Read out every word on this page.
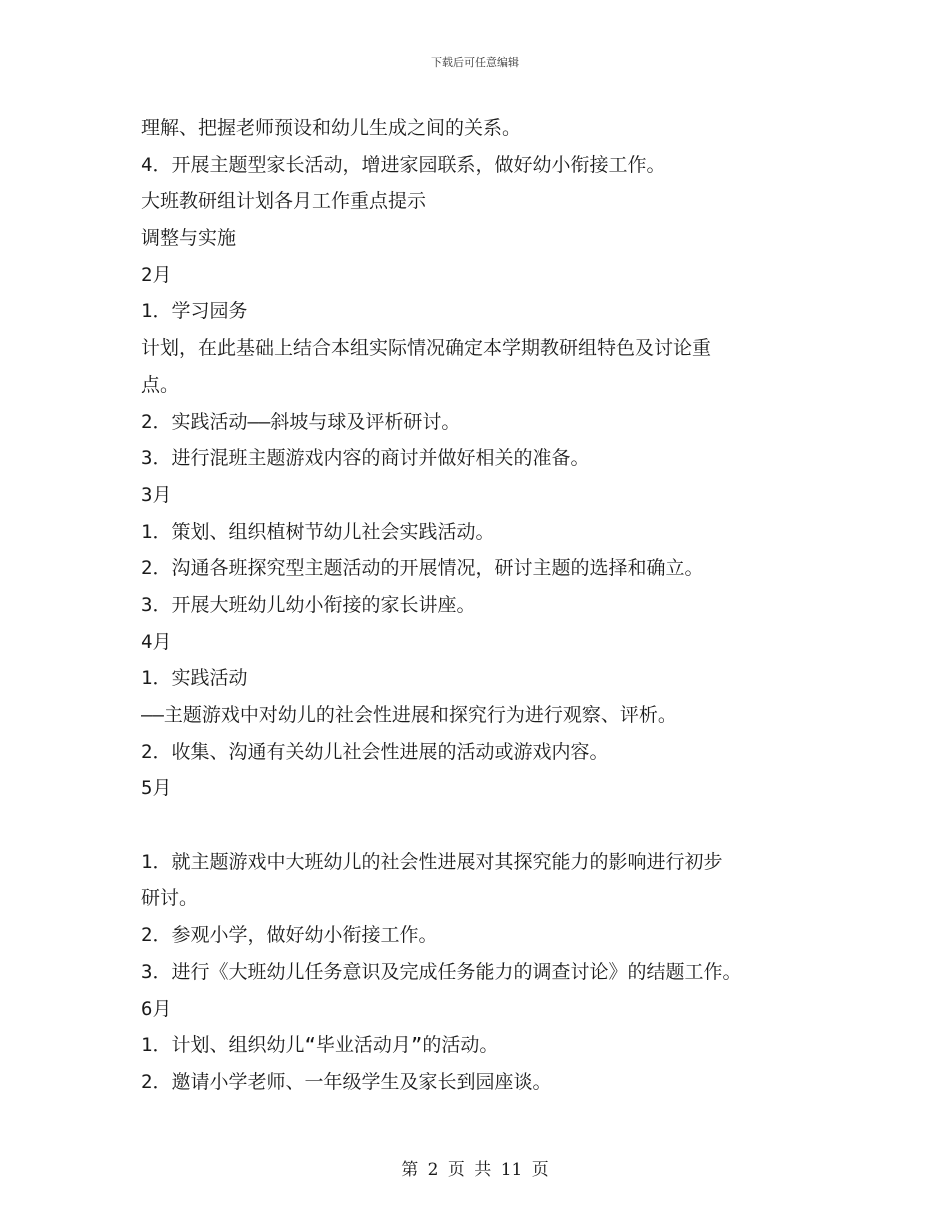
下载后可任意编辑
理解、把握老师预设和幼儿生成之间的关系。
4．开展主题型家长活动，增进家园联系，做好幼小衔接工作。
大班教研组计划各月工作重点提示
调整与实施
2月
1．学习园务
计划，在此基础上结合本组实际情况确定本学期教研组特色及讨论重
点。
2．实践活动——斜坡与球及评析研讨。
3．进行混班主题游戏内容的商讨并做好相关的准备。
3月
1．策划、组织植树节幼儿社会实践活动。
2．沟通各班探究型主题活动的开展情况，研讨主题的选择和确立。
3．开展大班幼儿幼小衔接的家长讲座。
4月
1．实践活动
——主题游戏中对幼儿的社会性进展和探究行为进行观察、评析。
2．收集、沟通有关幼儿社会性进展的活动或游戏内容。
5月
1．就主题游戏中大班幼儿的社会性进展对其探究能力的影响进行初步
研讨。
2．参观小学，做好幼小衔接工作。
3．进行《大班幼儿任务意识及完成任务能力的调查讨论》的结题工作。
6月
1．计划、组织幼儿“毕业活动月”的活动。
2．邀请小学老师、一年级学生及家长到园座谈。
第 2 页 共 11 页
